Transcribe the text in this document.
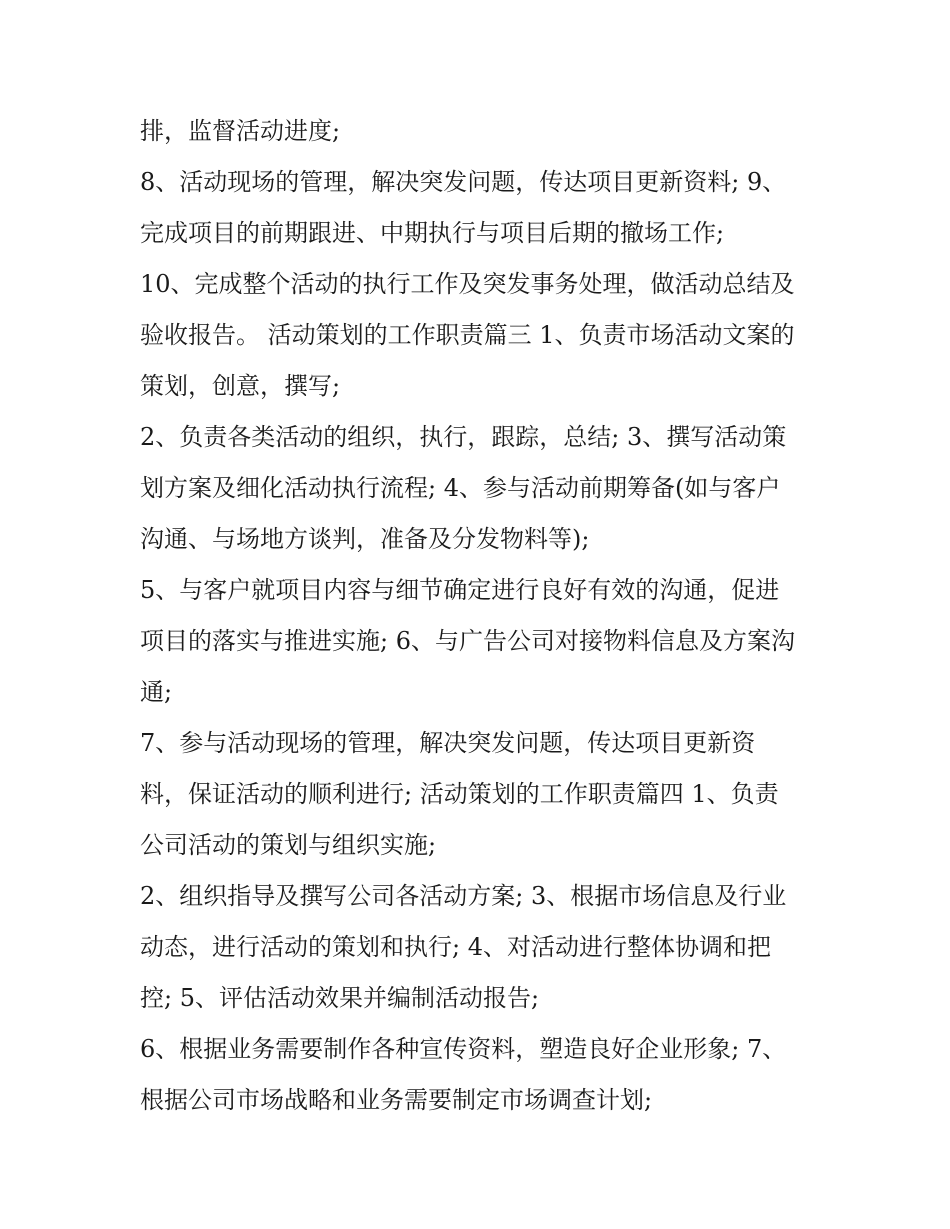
排，监督活动进度;
8、活动现场的管理，解决突发问题，传达项目更新资料; 9、
完成项目的前期跟进、中期执行与项目后期的撤场工作;
10、完成整个活动的执行工作及突发事务处理，做活动总结及
验收报告。 活动策划的工作职责篇三 1、负责市场活动文案的
策划，创意，撰写;
2、负责各类活动的组织，执行，跟踪，总结; 3、撰写活动策
划方案及细化活动执行流程; 4、参与活动前期筹备(如与客户
沟通、与场地方谈判，准备及分发物料等);
5、与客户就项目内容与细节确定进行良好有效的沟通，促进
项目的落实与推进实施; 6、与广告公司对接物料信息及方案沟
通;
7、参与活动现场的管理，解决突发问题，传达项目更新资
料，保证活动的顺利进行; 活动策划的工作职责篇四 1、负责
公司活动的策划与组织实施;
2、组织指导及撰写公司各活动方案; 3、根据市场信息及行业
动态，进行活动的策划和执行; 4、对活动进行整体协调和把
控; 5、评估活动效果并编制活动报告;
6、根据业务需要制作各种宣传资料，塑造良好企业形象; 7、
根据公司市场战略和业务需要制定市场调查计划;
